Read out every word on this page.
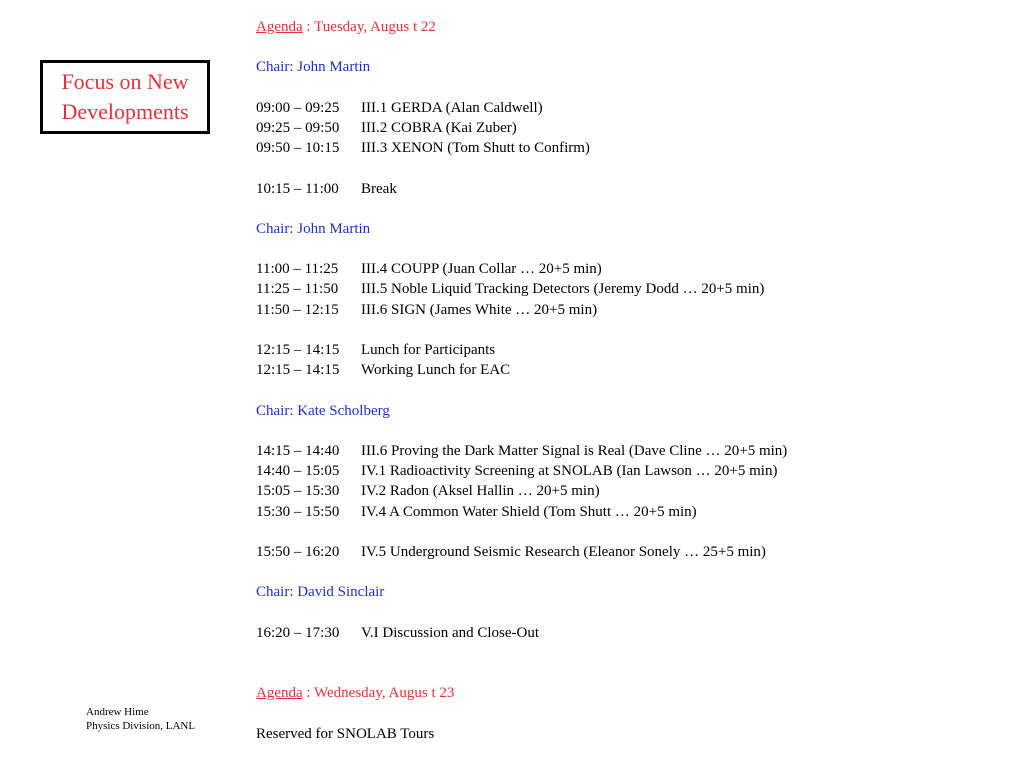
Focus on New
Developments
Andrew Hime
Physics Division, LANL
Agenda : Tuesday, Augus t 22
Chair: John Martin
09:00 – 09:25 III.1 GERDA (Alan Caldwell)
09:25 – 09:50 III.2 COBRA (Kai Zuber)
09:50 – 10:15 III.3 XENON (Tom Shutt to Confirm)
10:15 – 11:00 Break
Chair: John Martin
11:00 – 11:25 III.4 COUPP (Juan Collar … 20+5 min)
11:25 – 11:50 III.5 Noble Liquid Tracking Detectors (Jeremy Dodd … 20+5 min)
11:50 – 12:15 III.6 SIGN (James White … 20+5 min)
12:15 – 14:15 Lunch for Participants
12:15 – 14:15 Working Lunch for EAC
Chair: Kate Scholberg
14:15 – 14:40 III.6 Proving the Dark Matter Signal is Real (Dave Cline … 20+5 min)
14:40 – 15:05 IV.1 Radioactivity Screening at SNOLAB (Ian Lawson … 20+5 min)
15:05 – 15:30 IV.2 Radon (Aksel Hallin … 20+5 min)
15:30 – 15:50 IV.4 A Common Water Shield (Tom Shutt … 20+5 min)
15:50 – 16:20 IV.5 Underground Seismic Research (Eleanor Sonely … 25+5 min)
Chair: David Sinclair
16:20 – 17:30 V.I Discussion and Close-Out
Agenda : Wednesday, Augus t 23
Reserved for SNOLAB Tours
